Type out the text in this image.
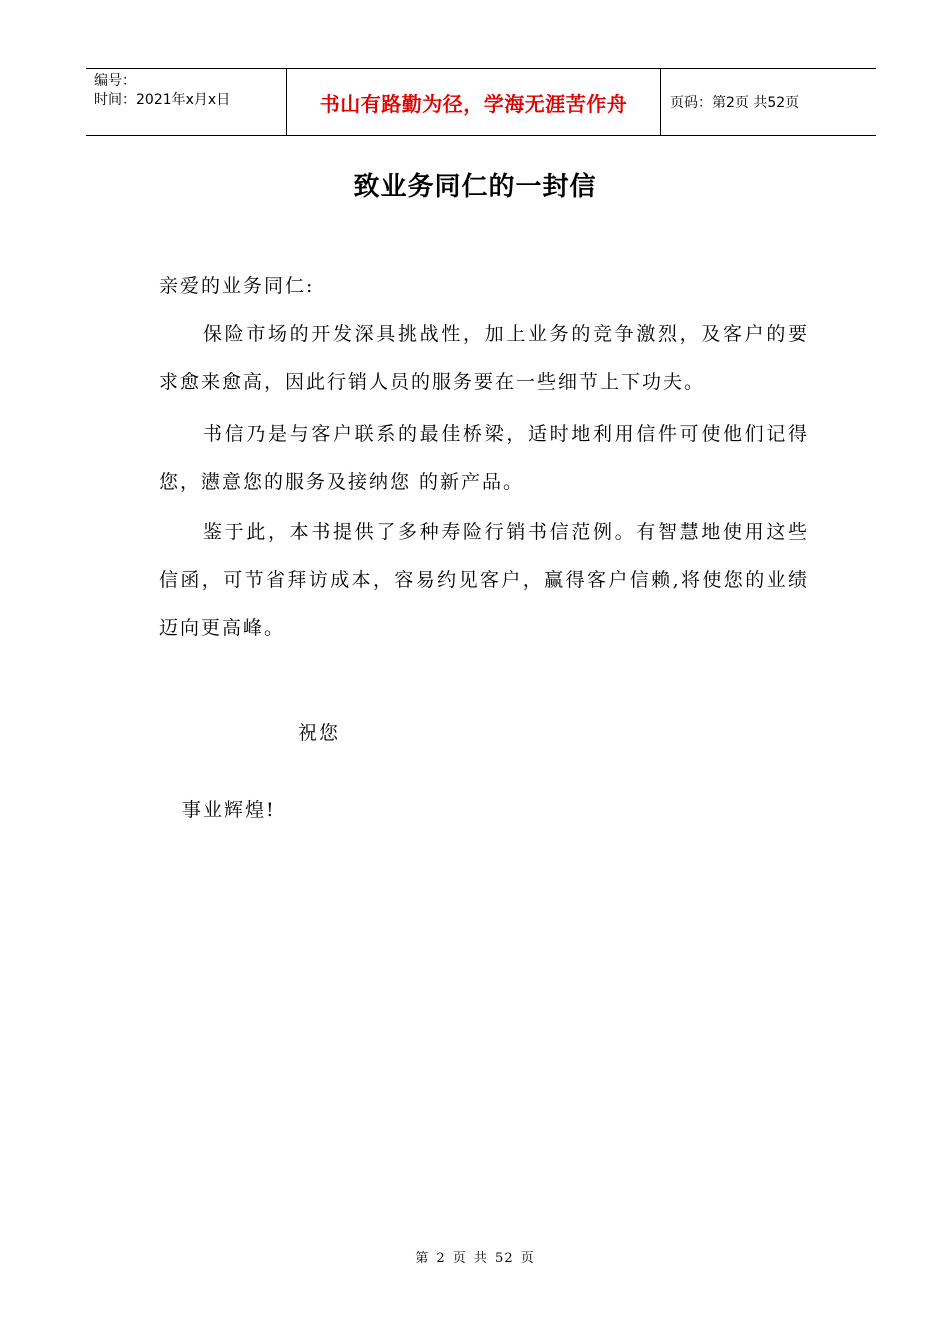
编号：
时间：2021年x月x日	书山有路勤为径，学海无涯苦作舟	页码：第2页 共52页
致业务同仁的一封信
亲爱的业务同仁:
保险市场的开发深具挑战性，加上业务的竞争激烈，及客户的要求愈来愈高，因此行销人员的服务要在一些细节上下功夫。
书信乃是与客户联系的最佳桥梁，适时地利用信件可使他们记得您，懑意您的服务及接纳您 的新产品。
鉴于此，本书提供了多种寿险行销书信范例。有智慧地使用这些信函，可节省拜访成本，容易约见客户，赢得客户信赖,将使您的业绩迈向更高峰。
祝您
事业辉煌!
第 2 页 共 52 页
